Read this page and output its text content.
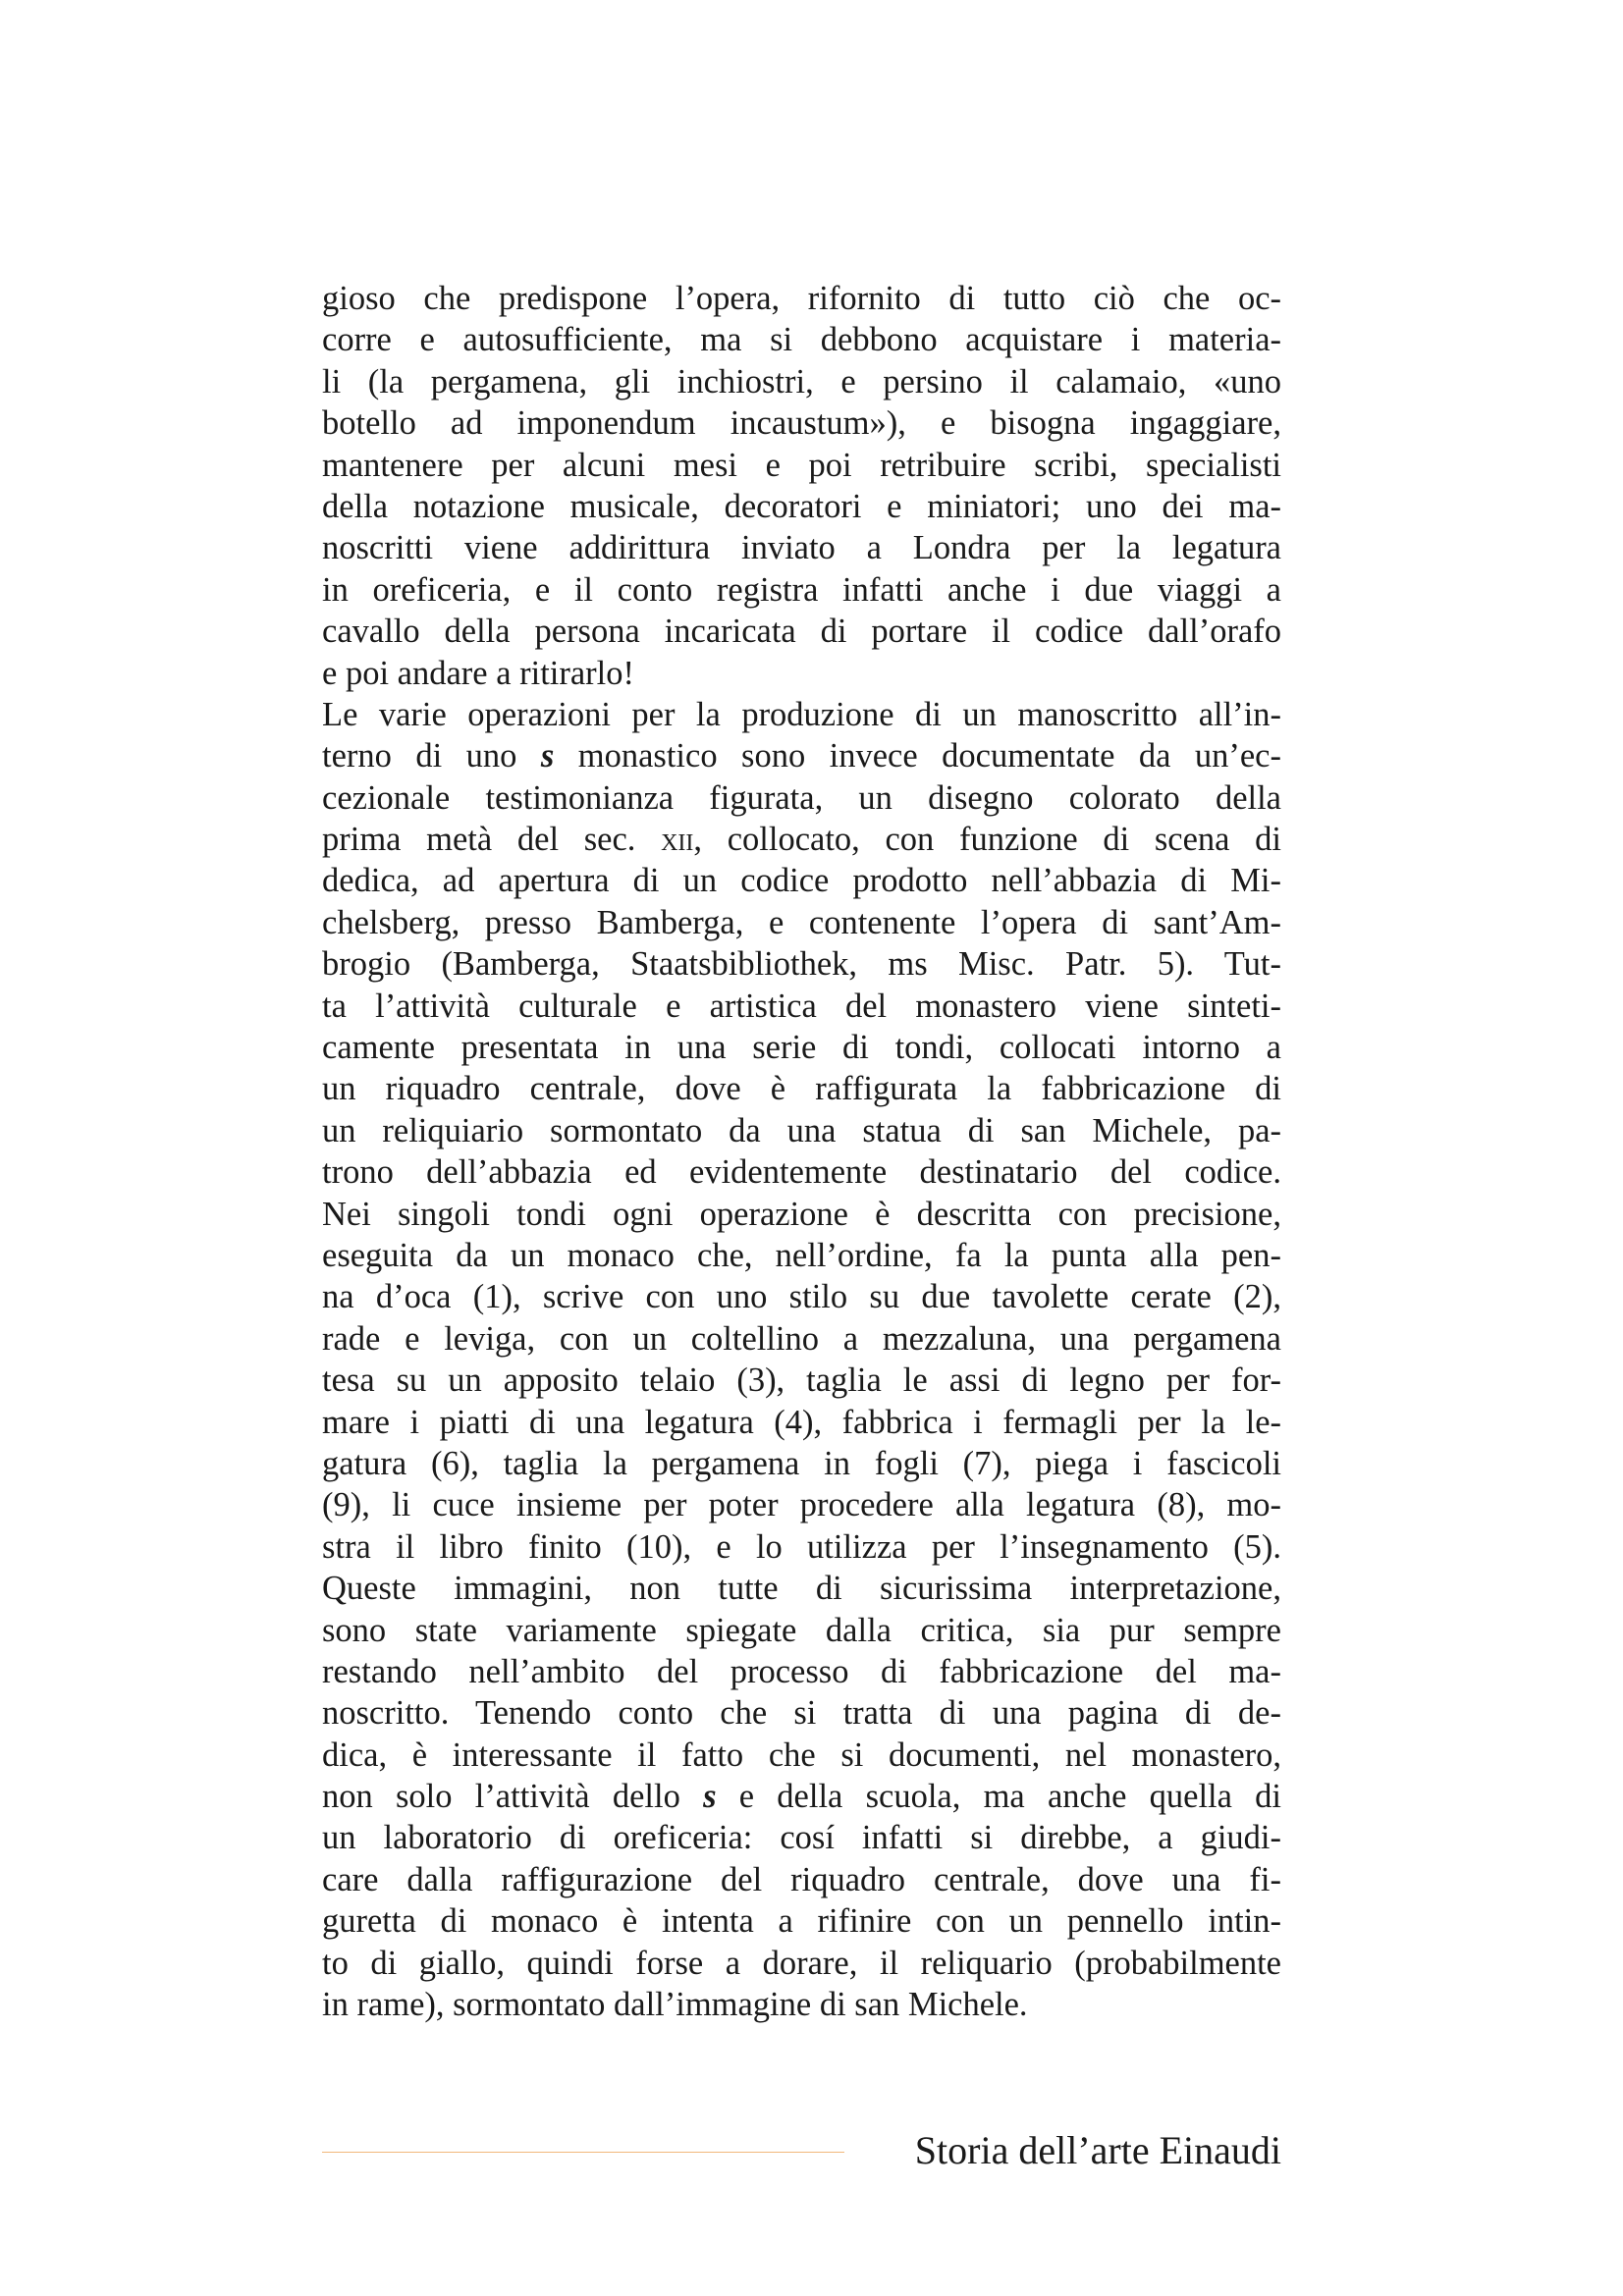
gioso che predispone l’opera, rifornito di tutto ciò che oc-
corre e autosufficiente, ma si debbono acquistare i materia-
li (la pergamena, gli inchiostri, e persino il calamaio, «uno
botello ad imponendum incaustum»), e bisogna ingaggiare,
mantenere per alcuni mesi e poi retribuire scribi, specialisti
della notazione musicale, decoratori e miniatori; uno dei ma-
noscritti viene addirittura inviato a Londra per la legatura
in oreficeria, e il conto registra infatti anche i due viaggi a
cavallo della persona incaricata di portare il codice dall’orafo
e poi andare a ritirarlo!
Le varie operazioni per la produzione di un manoscritto all’in-
terno di uno s monastico sono invece documentate da un’ec-
cezionale testimonianza figurata, un disegno colorato della
prima metà del sec. xii, collocato, con funzione di scena di
dedica, ad apertura di un codice prodotto nell’abbazia di Mi-
chelsberg, presso Bamberga, e contenente l’opera di sant’Am-
brogio (Bamberga, Staatsbibliothek, ms Misc. Patr. 5). Tut-
ta l’attività culturale e artistica del monastero viene sinteti-
camente presentata in una serie di tondi, collocati intorno a
un riquadro centrale, dove è raffigurata la fabbricazione di
un reliquiario sormontato da una statua di san Michele, pa-
trono dell’abbazia ed evidentemente destinatario del codice.
Nei singoli tondi ogni operazione è descritta con precisione,
eseguita da un monaco che, nell’ordine, fa la punta alla pen-
na d’oca (1), scrive con uno stilo su due tavolette cerate (2),
rade e leviga, con un coltellino a mezzaluna, una pergamena
tesa su un apposito telaio (3), taglia le assi di legno per for-
mare i piatti di una legatura (4), fabbrica i fermagli per la le-
gatura (6), taglia la pergamena in fogli (7), piega i fascicoli
(9), li cuce insieme per poter procedere alla legatura (8), mo-
stra il libro finito (10), e lo utilizza per l’insegnamento (5).
Queste immagini, non tutte di sicurissima interpretazione,
sono state variamente spiegate dalla critica, sia pur sempre
restando nell’ambito del processo di fabbricazione del ma-
noscritto. Tenendo conto che si tratta di una pagina di de-
dica, è interessante il fatto che si documenti, nel monastero,
non solo l’attività dello s e della scuola, ma anche quella di
un laboratorio di oreficeria: cosí infatti si direbbe, a giudi-
care dalla raffigurazione del riquadro centrale, dove una fi-
guretta di monaco è intenta a rifinire con un pennello intin-
to di giallo, quindi forse a dorare, il reliquario (probabilmente
in rame), sormontato dall’immagine di san Michele.
Storia dell’arte Einaudi
